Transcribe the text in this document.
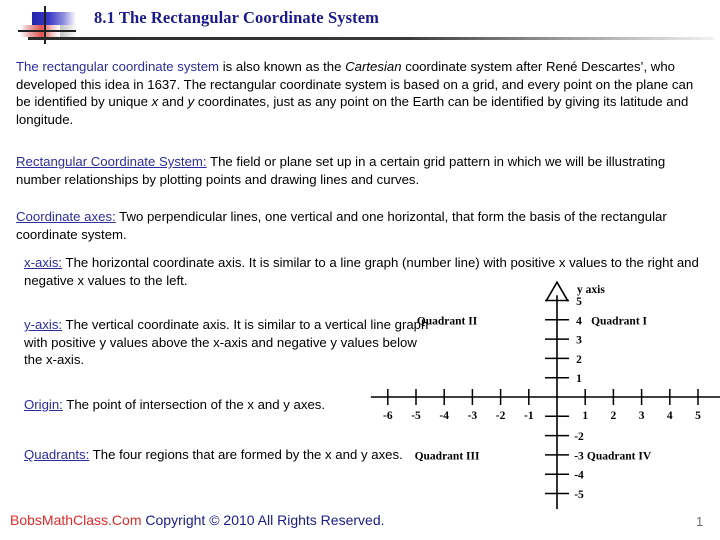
8.1 The Rectangular Coordinate System
The rectangular coordinate system is also known as the Cartesian coordinate system after René Descartes’, who developed this idea in 1637. The rectangular coordinate system is based on a grid, and every point on the plane can be identified by unique x and y coordinates, just as any point on the Earth can be identified by giving its latitude and longitude.
Rectangular Coordinate System: The field or plane set up in a certain grid pattern in which we will be illustrating number relationships by plotting points and drawing lines and curves.
Coordinate axes: Two perpendicular lines, one vertical and one horizontal, that form the basis of the rectangular coordinate system.
x-axis: The horizontal coordinate axis. It is similar to a line graph (number line) with positive x values to the right and negative x values to the left.
y-axis: The vertical coordinate axis. It is similar to a vertical line graph with positive y values above the x-axis and negative y values below the x-axis.
Origin: The point of intersection of the x and y axes.
Quadrants: The four regions that are formed by the x and y axes.
-6 -5 -4 -3 -2 -1	1 2 3 4 5
5
4
3
2
1
-2
-3
-4
-5
y axis
Quadrant II	Quadrant I
Quadrant III	Quadrant IV
BobsMathClass.Com Copyright © 2010 All Rights Reserved.	1
